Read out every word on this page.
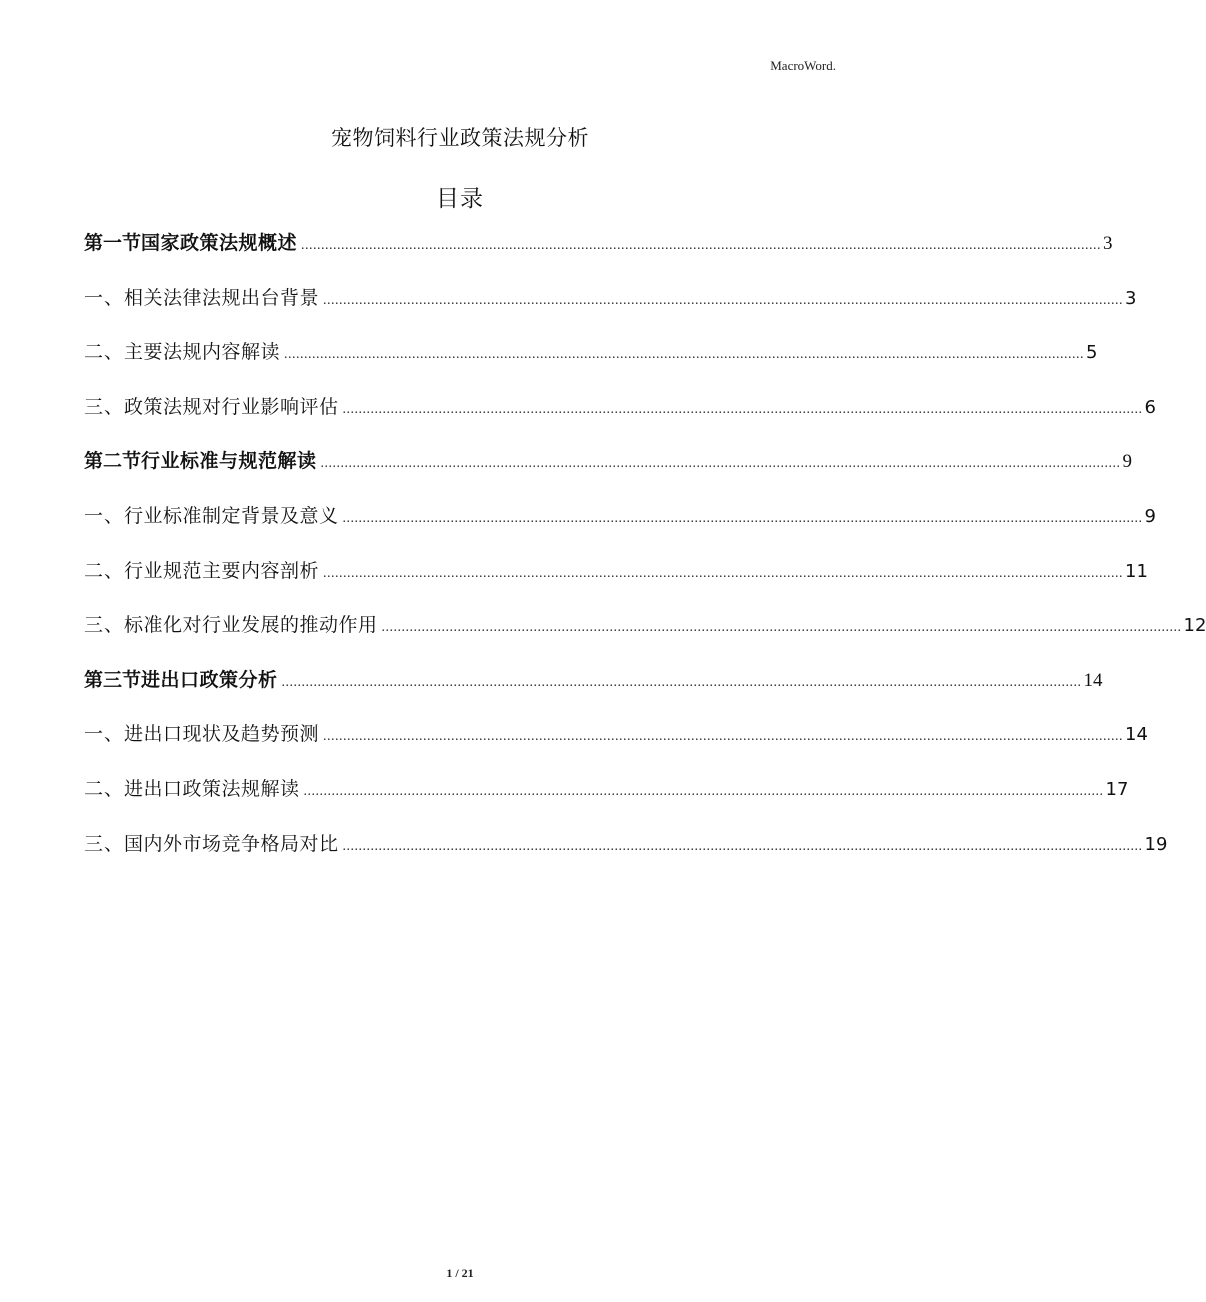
MacroWord.
宠物饲料行业政策法规分析
目录
第一节 国家政策法规概述 ........................................................................................................................................................................................................ 3
一、 相关法律法规出台背景 ........................................................................................................................................................................................................ 3
二、 主要法规内容解读 ........................................................................................................................................................................................................ 5
三、 政策法规对行业影响评估 ........................................................................................................................................................................................................ 6
第二节 行业标准与规范解读 ........................................................................................................................................................................................................ 9
一、 行业标准制定背景及意义 ........................................................................................................................................................................................................ 9
二、 行业规范主要内容剖析 ........................................................................................................................................................................................................ 11
三、 标准化对行业发展的推动作用 ........................................................................................................................................................................................................ 12
第三节 进出口政策分析 ........................................................................................................................................................................................................ 14
一、 进出口现状及趋势预测 ........................................................................................................................................................................................................ 14
二、 进出口政策法规解读 ........................................................................................................................................................................................................ 17
三、 国内外市场竞争格局对比 ........................................................................................................................................................................................................ 19
1 / 21
